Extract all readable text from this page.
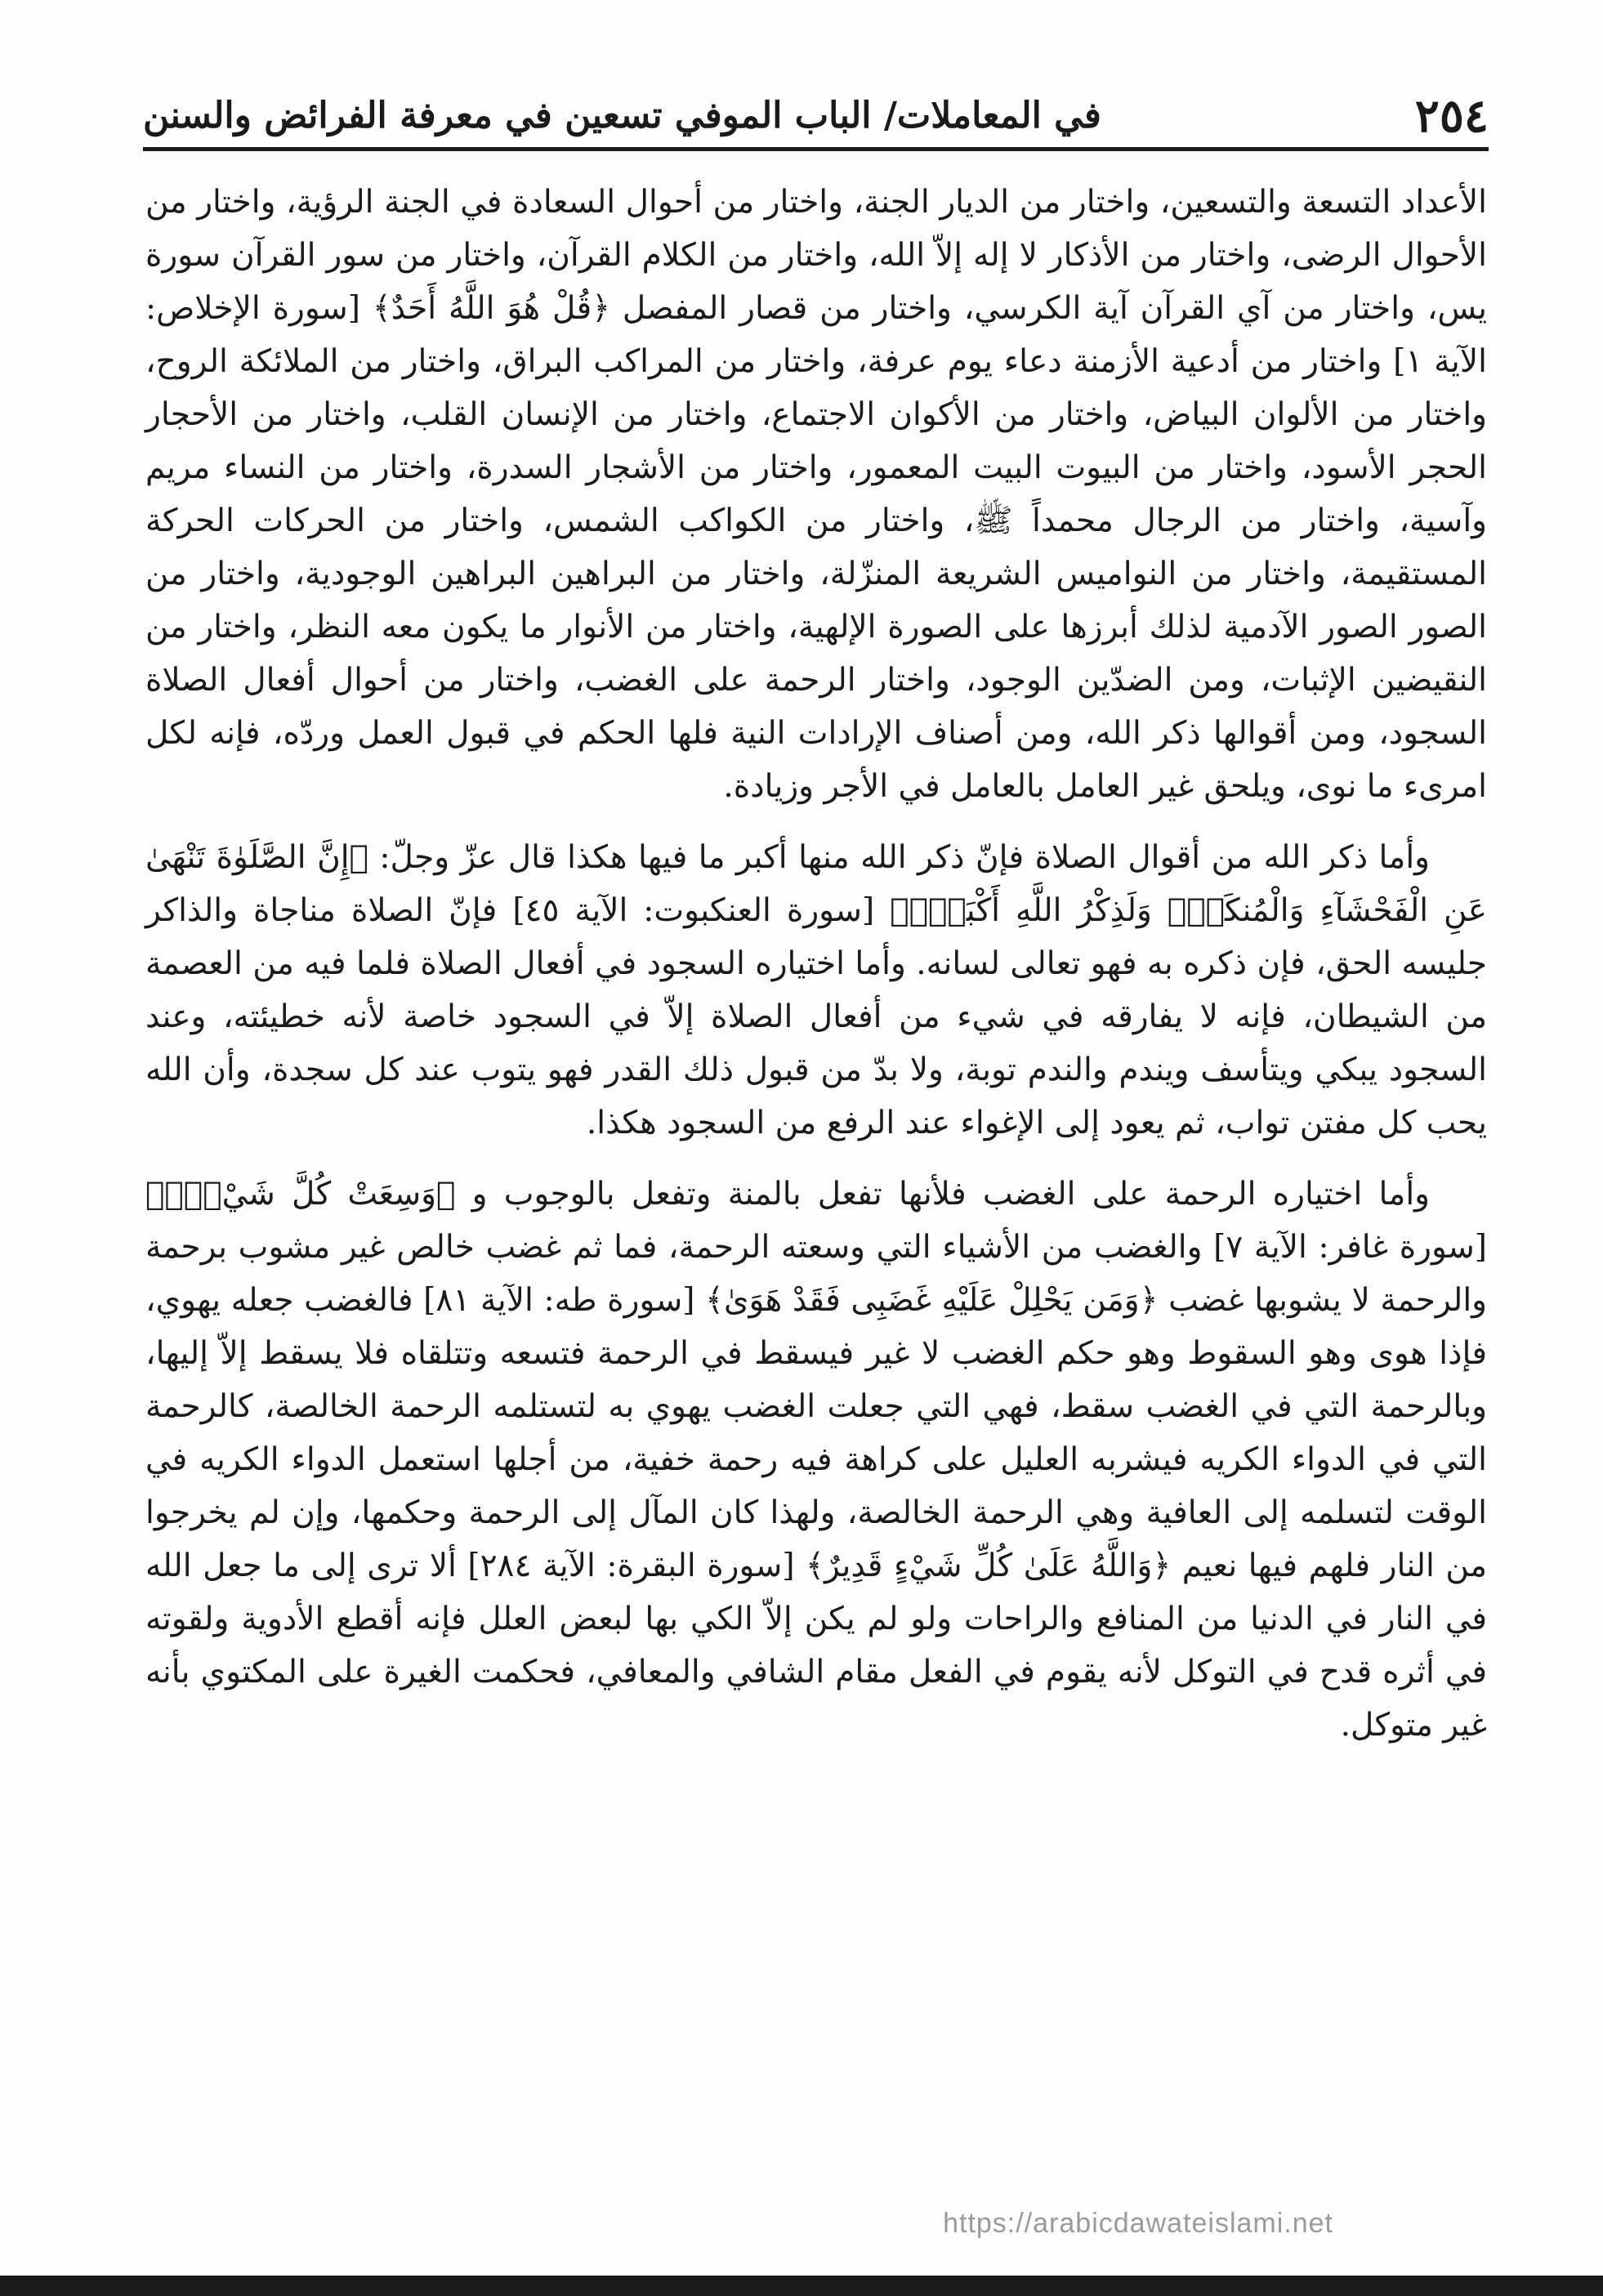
٢٥٤
في المعاملات/ الباب الموفي تسعين في معرفة الفرائض والسنن

الأعداد التسعة والتسعين، واختار من الديار الجنة، واختار من أحوال السعادة في الجنة الرؤية، واختار من الأحوال الرضى، واختار من الأذكار لا إله إلاّ الله، واختار من الكلام القرآن، واختار من سور القرآن سورة يس، واختار من آي القرآن آية الكرسي، واختار من قصار المفصل ﴿قُلْ هُوَ اللَّهُ أَحَدٌ﴾ [سورة الإخلاص: الآية ١] واختار من أدعية الأزمنة دعاء يوم عرفة، واختار من المراكب البراق، واختار من الملائكة الروح، واختار من الألوان البياض، واختار من الأكوان الاجتماع، واختار من الإنسان القلب، واختار من الأحجار الحجر الأسود، واختار من البيوت البيت المعمور، واختار من الأشجار السدرة، واختار من النساء مريم وآسية، واختار من الرجال محمداً ﷺ، واختار من الكواكب الشمس، واختار من الحركات الحركة المستقيمة، واختار من النواميس الشريعة المنزّلة، واختار من البراهين البراهين الوجودية، واختار من الصور الصور الآدمية لذلك أبرزها على الصورة الإلهية، واختار من الأنوار ما يكون معه النظر، واختار من النقيضين الإثبات، ومن الضدّين الوجود، واختار الرحمة على الغضب، واختار من أحوال أفعال الصلاة السجود، ومن أقوالها ذكر الله، ومن أصناف الإرادات النية فلها الحكم في قبول العمل وردّه، فإنه لكل امرىء ما نوى، ويلحق غير العامل بالعامل في الأجر وزيادة.

وأما ذكر الله من أقوال الصلاة فإنّ ذكر الله منها أكبر ما فيها هكذا قال عزّ وجلّ: ﴿إِنَّ الصَّلَوٰةَ تَنْهَىٰ عَنِ الْفَحْشَآءِ وَالْمُنكَرِۗ وَلَذِكْرُ اللَّهِ أَكْبَرُۗ﴾ [سورة العنكبوت: الآية ٤٥] فإنّ الصلاة مناجاة والذاكر جليسه الحق، فإن ذكره به فهو تعالى لسانه. وأما اختياره السجود في أفعال الصلاة فلما فيه من العصمة من الشيطان، فإنه لا يفارقه في شيء من أفعال الصلاة إلاّ في السجود خاصة لأنه خطيئته، وعند السجود يبكي ويتأسف ويندم والندم توبة، ولا بدّ من قبول ذلك القدر فهو يتوب عند كل سجدة، وأن الله يحب كل مفتن تواب، ثم يعود إلى الإغواء عند الرفع من السجود هكذا.

وأما اختياره الرحمة على الغضب فلأنها تفعل بالمنة وتفعل بالوجوب و ﴿وَسِعَتْ كُلَّ شَيْءٍۚ﴾ [سورة غافر: الآية ٧] والغضب من الأشياء التي وسعته الرحمة، فما ثم غضب خالص غير مشوب برحمة والرحمة لا يشوبها غضب ﴿وَمَن يَحْلِلْ عَلَيْهِ غَضَبِى فَقَدْ هَوَىٰ﴾ [سورة طه: الآية ٨١] فالغضب جعله يهوي، فإذا هوى وهو السقوط وهو حكم الغضب لا غير فيسقط في الرحمة فتسعه وتتلقاه فلا يسقط إلاّ إليها، وبالرحمة التي في الغضب سقط، فهي التي جعلت الغضب يهوي به لتستلمه الرحمة الخالصة، كالرحمة التي في الدواء الكريه فيشربه العليل على كراهة فيه رحمة خفية، من أجلها استعمل الدواء الكريه في الوقت لتسلمه إلى العافية وهي الرحمة الخالصة، ولهذا كان المآل إلى الرحمة وحكمها، وإن لم يخرجوا من النار فلهم فيها نعيم ﴿وَاللَّهُ عَلَىٰ كُلِّ شَيْءٍ قَدِيرٌ﴾ [سورة البقرة: الآية ٢٨٤] ألا ترى إلى ما جعل الله في النار في الدنيا من المنافع والراحات ولو لم يكن إلاّ الكي بها لبعض العلل فإنه أقطع الأدوية ولقوته في أثره قدح في التوكل لأنه يقوم في الفعل مقام الشافي والمعافي، فحكمت الغيرة على المكتوي بأنه غير متوكل.

https://arabicdawateislami.net
